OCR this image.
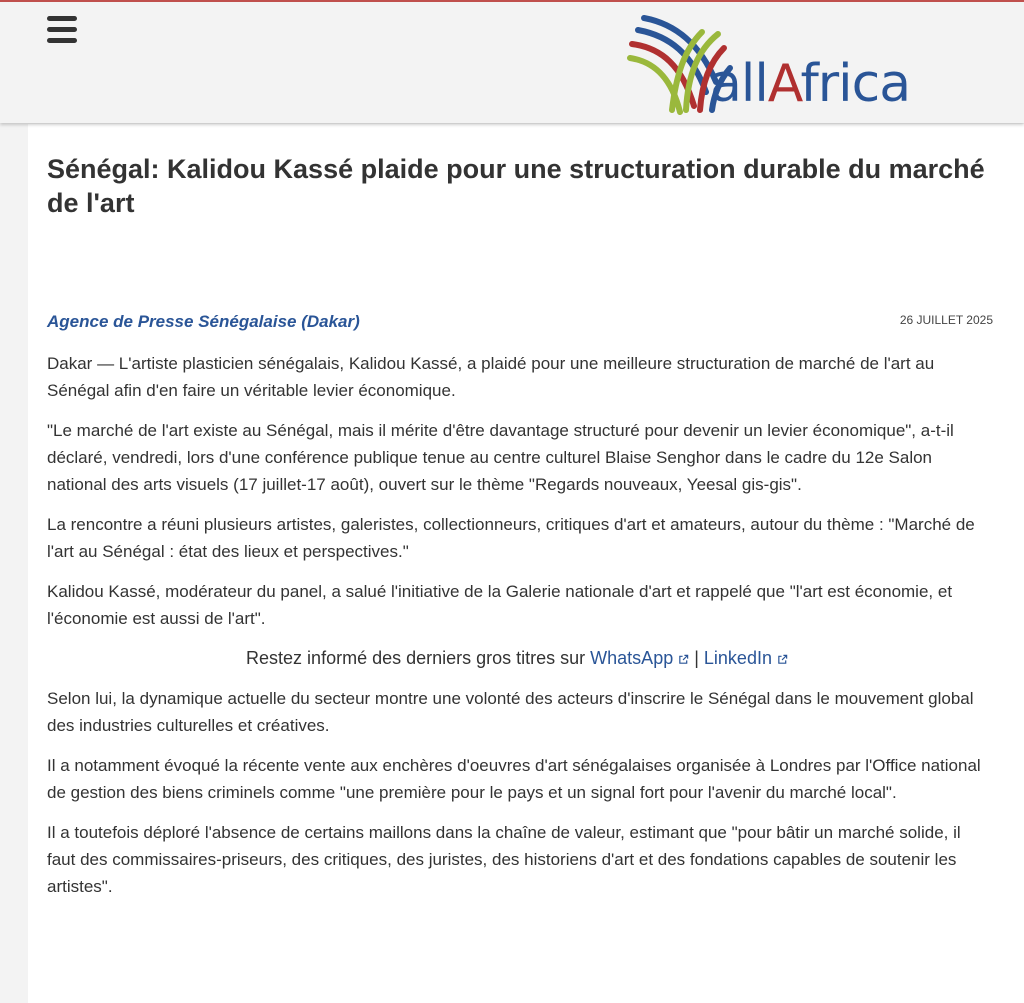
allAfrica
Sénégal: Kalidou Kassé plaide pour une structuration durable du marché de l'art
Agence de Presse Sénégalaise (Dakar)	26 JUILLET 2025

Dakar — L'artiste plasticien sénégalais, Kalidou Kassé, a plaidé pour une meilleure structuration de marché de l'art au Sénégal afin d'en faire un véritable levier économique.

"Le marché de l'art existe au Sénégal, mais il mérite d'être davantage structuré pour devenir un levier économique", a-t-il déclaré, vendredi, lors d'une conférence publique tenue au centre culturel Blaise Senghor dans le cadre du 12e Salon national des arts visuels (17 juillet-17 août), ouvert sur le thème "Regards nouveaux, Yeesal gis-gis".

La rencontre a réuni plusieurs artistes, galeristes, collectionneurs, critiques d'art et amateurs, autour du thème : "Marché de l'art au Sénégal : état des lieux et perspectives."

Kalidou Kassé, modérateur du panel, a salué l'initiative de la Galerie nationale d'art et rappelé que "l'art est économie, et l'économie est aussi de l'art".

Restez informé des derniers gros titres sur WhatsApp | LinkedIn

Selon lui, la dynamique actuelle du secteur montre une volonté des acteurs d'inscrire le Sénégal dans le mouvement global des industries culturelles et créatives.

Il a notamment évoqué la récente vente aux enchères d'oeuvres d'art sénégalaises organisée à Londres par l'Office national de gestion des biens criminels comme "une première pour le pays et un signal fort pour l'avenir du marché local".

Il a toutefois déploré l'absence de certains maillons dans la chaîne de valeur, estimant que "pour bâtir un marché solide, il faut des commissaires-priseurs, des critiques, des juristes, des historiens d'art et des fondations capables de soutenir les artistes".
